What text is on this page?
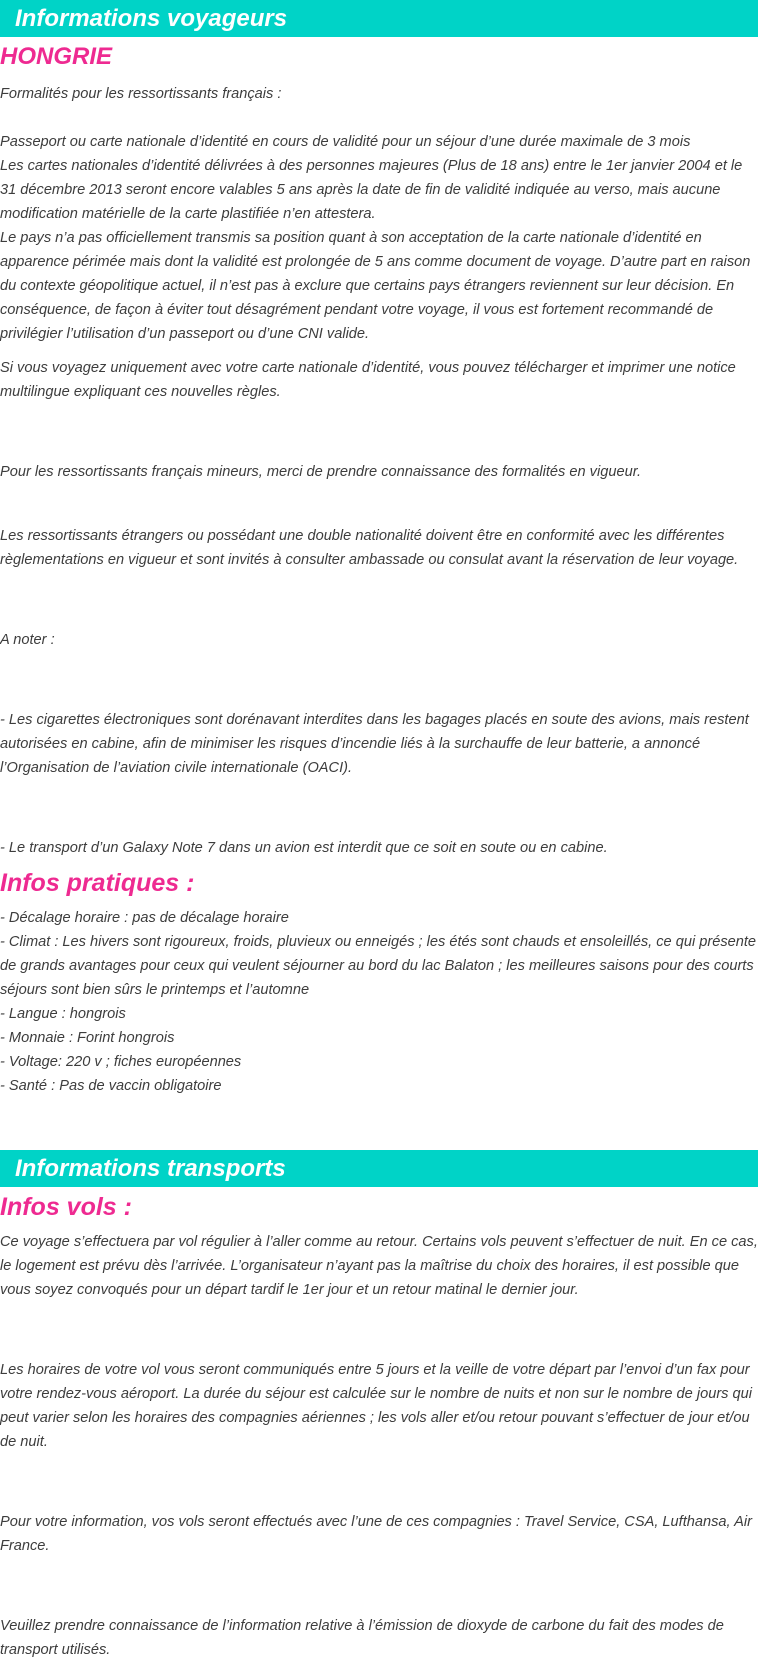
Informations voyageurs
HONGRIE

Formalités pour les ressortissants français :

Passeport ou carte nationale d’identité en cours de validité pour un séjour d’une durée maximale de 3 mois

Les cartes nationales d’identité délivrées à des personnes majeures (Plus de 18 ans) entre le 1er janvier 2004 et le 31 décembre 2013 seront encore valables 5 ans après la date de fin de validité indiquée au verso, mais aucune modification matérielle de la carte plastifiée n’en attestera.

Le pays n’a pas officiellement transmis sa position quant à son acceptation de la carte nationale d’identité en apparence périmée mais dont la validité est prolongée de 5 ans comme document de voyage. D’autre part en raison du contexte géopolitique actuel, il n’est pas à exclure que certains pays étrangers reviennent sur leur décision. En conséquence, de façon à éviter tout désagrément pendant votre voyage, il vous est fortement recommandé de privilégier l’utilisation d’un passeport ou d’une CNI valide.

Si vous voyagez uniquement avec votre carte nationale d’identité, vous pouvez télécharger et imprimer une notice multilingue expliquant ces nouvelles règles.

Pour les ressortissants français mineurs, merci de prendre connaissance des formalités en vigueur.

Les ressortissants étrangers ou possédant une double nationalité doivent être en conformité avec les différentes règlementations en vigueur et sont invités à consulter ambassade ou consulat avant la réservation de leur voyage.

A noter :

- Les cigarettes électroniques sont dorénavant interdites dans les bagages placés en soute des avions, mais restent autorisées en cabine, afin de minimiser les risques d’incendie liés à la surchauffe de leur batterie, a annoncé l’Organisation de l’aviation civile internationale (OACI).

- Le transport d’un Galaxy Note 7 dans un avion est interdit que ce soit en soute ou en cabine.

Infos pratiques :

- Décalage horaire : pas de décalage horaire

- Climat : Les hivers sont rigoureux, froids, pluvieux ou enneigés ; les étés sont chauds et ensoleillés, ce qui présente de grands avantages pour ceux qui veulent séjourner au bord du lac Balaton ; les meilleures saisons pour des courts séjours sont bien sûrs le printemps et l’automne

- Langue : hongrois

- Monnaie : Forint hongrois

- Voltage: 220 v ; fiches européennes

- Santé : Pas de vaccin obligatoire

Informations transports
Infos vols :

Ce voyage s’effectuera par vol régulier à l’aller comme au retour. Certains vols peuvent s’effectuer de nuit. En ce cas, le logement est prévu dès l’arrivée. L’organisateur n’ayant pas la maîtrise du choix des horaires, il est possible que vous soyez convoqués pour un départ tardif le 1er jour et un retour matinal le dernier jour.

Les horaires de votre vol vous seront communiqués entre 5 jours et la veille de votre départ par l’envoi d’un fax pour votre rendez-vous aéroport. La durée du séjour est calculée sur le nombre de nuits et non sur le nombre de jours qui peut varier selon les horaires des compagnies aériennes ; les vols aller et/ou retour pouvant s’effectuer de jour et/ou de nuit.

Pour votre information, vos vols seront effectués avec l’une de ces compagnies : Travel Service, CSA, Lufthansa, Air France.

Veuillez prendre connaissance de l’information relative à l’émission de dioxyde de carbone du fait des modes de transport utilisés.
